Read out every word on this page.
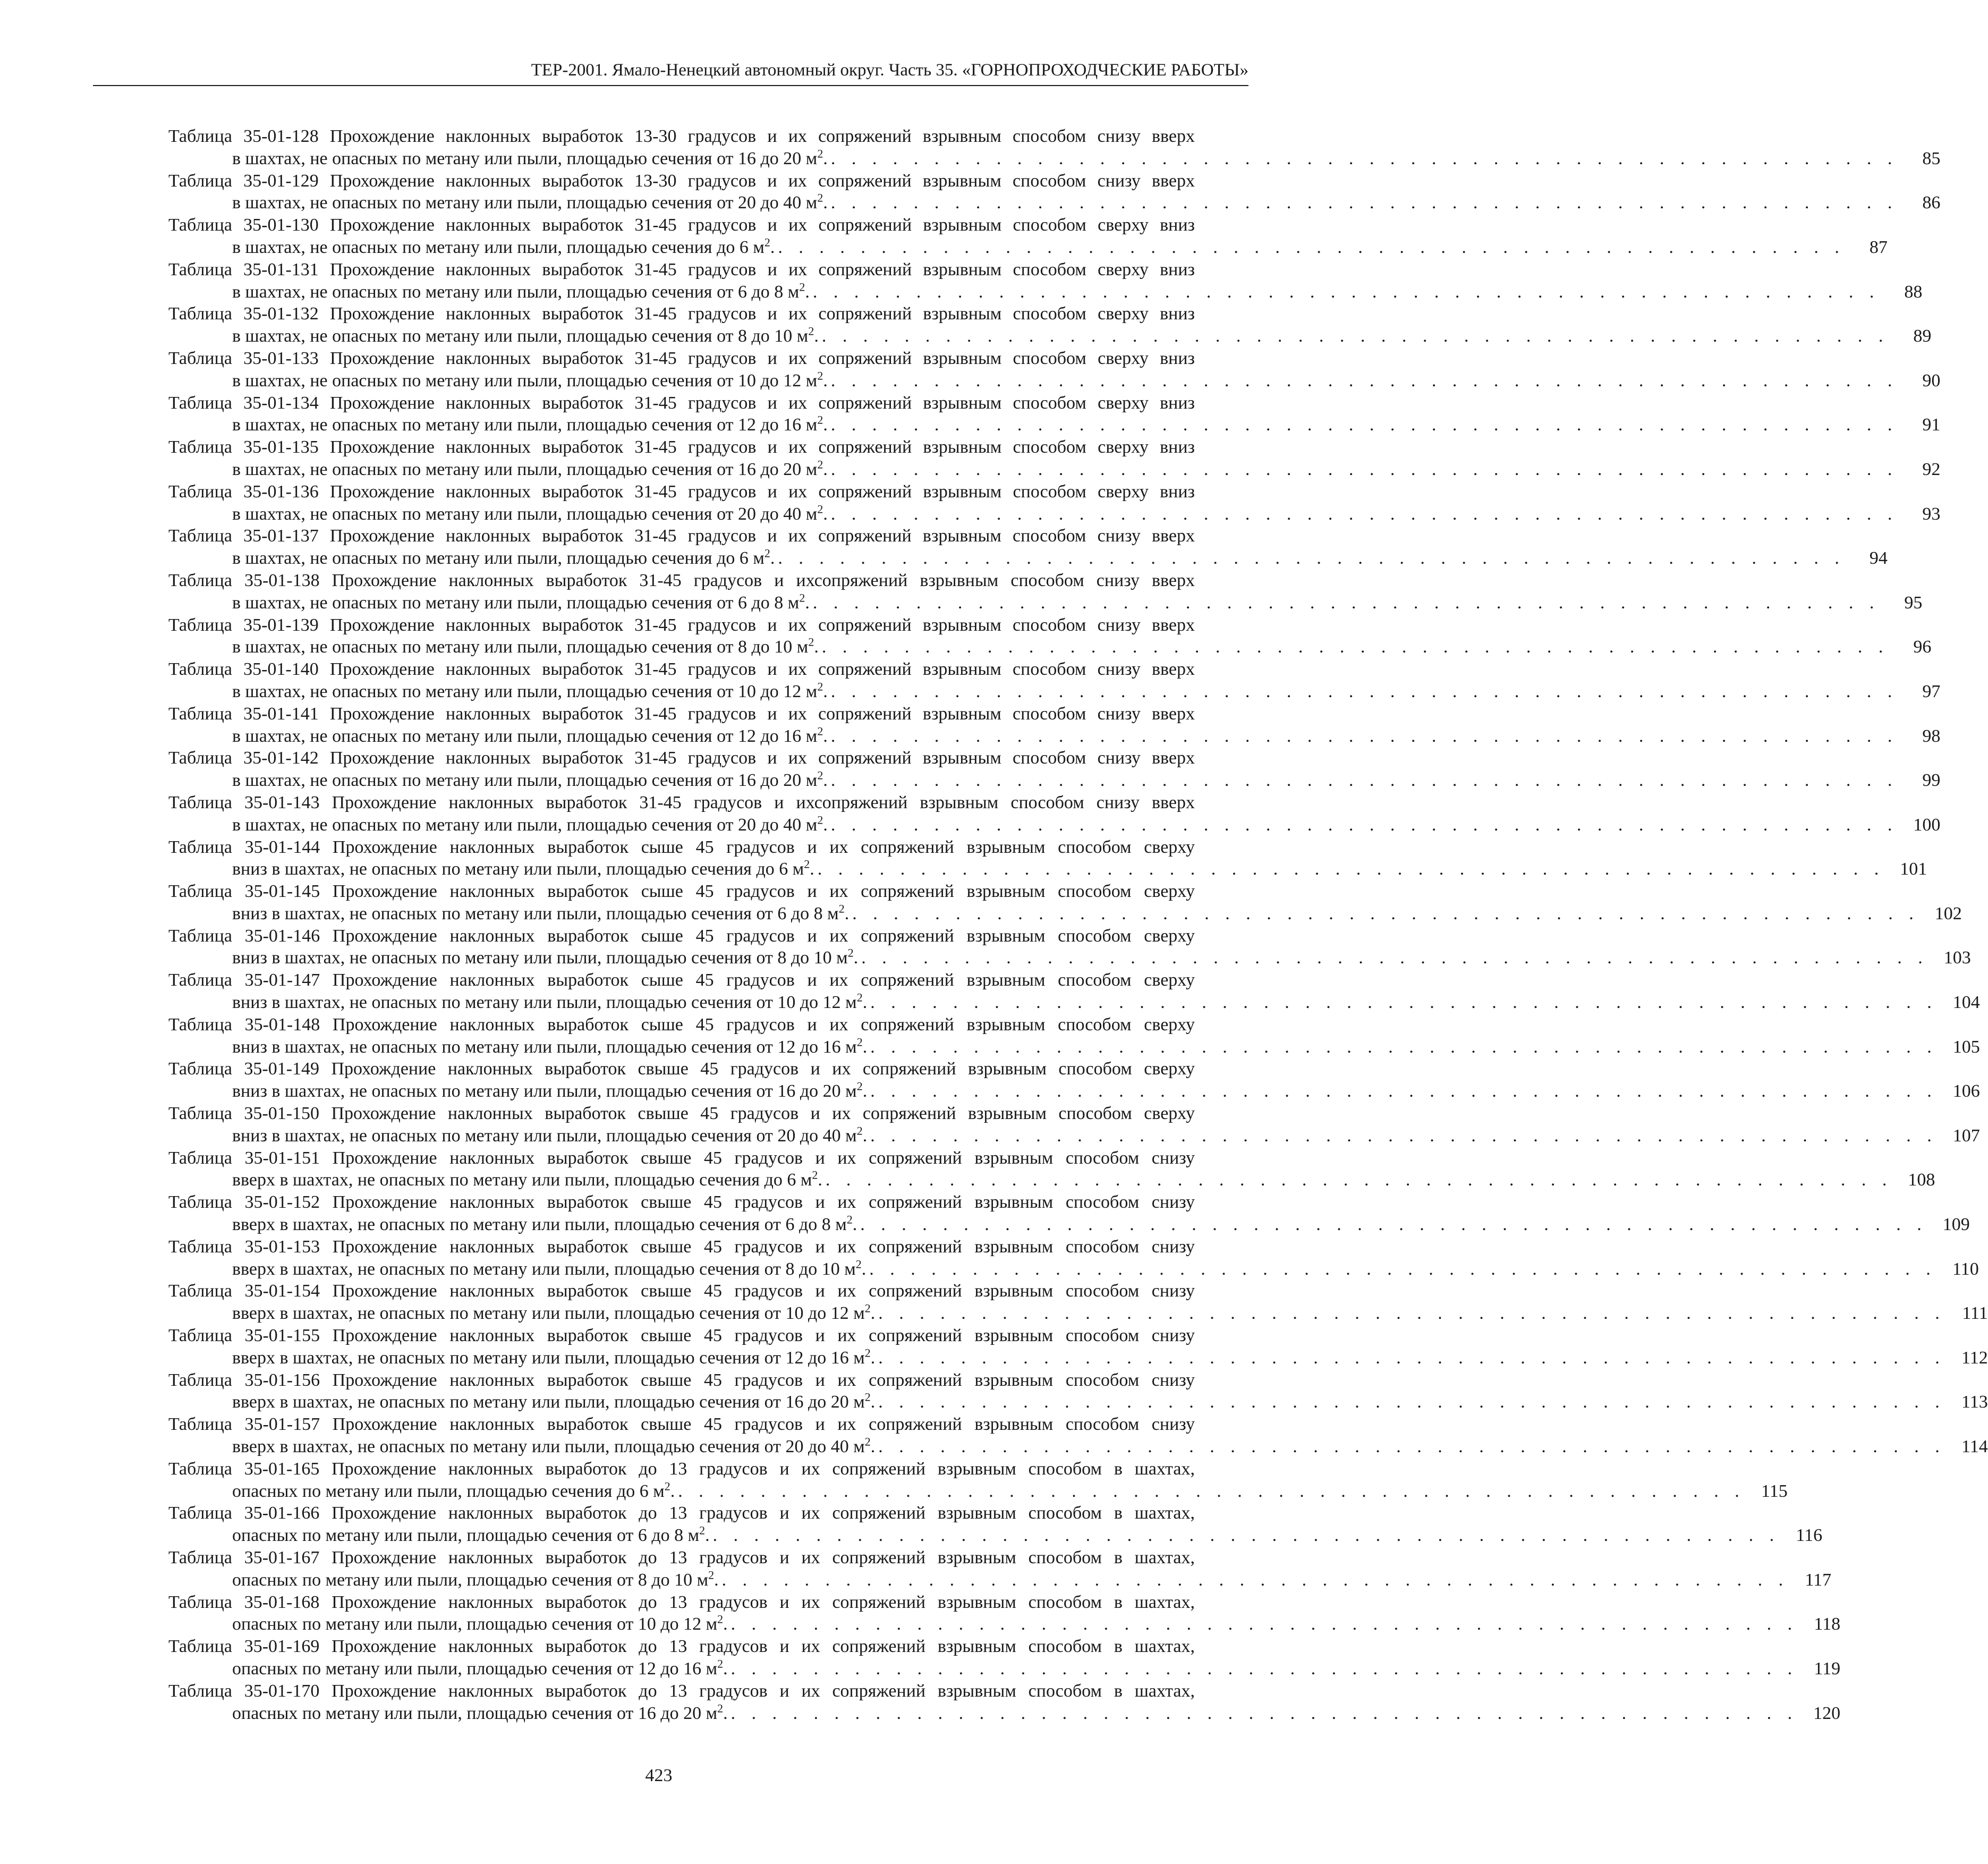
ТЕР-2001. Ямало-Ненецкий автономный округ. Часть 35. «ГОРНОПРОХОДЧЕСКИЕ РАБОТЫ»
Таблица 35-01-128 Прохождение наклонных выработок 13-30 градусов и их сопряжений взрывным способом снизу вверх
в шахтах, не опасных по метану или пыли, площадью сечения от 16 до 20 $м^2$. . . . . . . . . . . . . . . . . . . . . . . . . . . . . . . . . . . . . . . . . . . . . . . . . . . . .	85
Таблица 35-01-129 Прохождение наклонных выработок 13-30 градусов и их сопряжений взрывным способом снизу вверх
в шахтах, не опасных по метану или пыли, площадью сечения от 20 до 40 $м^2$. . . . . . . . . . . . . . . . . . . . . . . . . . . . . . . . . . . . . . . . . . . . . . . . . . . . .	86
Таблица 35-01-130 Прохождение наклонных выработок 31-45 градусов и их сопряжений взрывным способом сверху вниз
в шахтах, не опасных по метану или пыли, площадью сечения до 6 $м^2$. . . . . . . . . . . . . . . . . . . . . . . . . . . . . . . . . . . . . . . . . . . . . . . . . . . . .	87
Таблица 35-01-131 Прохождение наклонных выработок 31-45 градусов и их сопряжений взрывным способом сверху вниз
в шахтах, не опасных по метану или пыли, площадью сечения от 6 до 8 $м^2$. . . . . . . . . . . . . . . . . . . . . . . . . . . . . . . . . . . . . . . . . . . . . . . . . . . . .	88
Таблица 35-01-132 Прохождение наклонных выработок 31-45 градусов и их сопряжений взрывным способом сверху вниз
в шахтах, не опасных по метану или пыли, площадью сечения от 8 до 10 $м^2$. . . . . . . . . . . . . . . . . . . . . . . . . . . . . . . . . . . . . . . . . . . . . . . . . . . . .	89
Таблица 35-01-133 Прохождение наклонных выработок 31-45 градусов и их сопряжений взрывным способом сверху вниз
в шахтах, не опасных по метану или пыли, площадью сечения от 10 до 12 $м^2$. . . . . . . . . . . . . . . . . . . . . . . . . . . . . . . . . . . . . . . . . . . . . . . . . . . . .	90
Таблица 35-01-134 Прохождение наклонных выработок 31-45 градусов и их сопряжений взрывным способом сверху вниз
в шахтах, не опасных по метану или пыли, площадью сечения от 12 до 16 $м^2$. . . . . . . . . . . . . . . . . . . . . . . . . . . . . . . . . . . . . . . . . . . . . . . . . . . . .	91
Таблица 35-01-135 Прохождение наклонных выработок 31-45 градусов и их сопряжений взрывным способом сверху вниз
в шахтах, не опасных по метану или пыли, площадью сечения от 16 до 20 $м^2$. . . . . . . . . . . . . . . . . . . . . . . . . . . . . . . . . . . . . . . . . . . . . . . . . . . . .	92
Таблица 35-01-136 Прохождение наклонных выработок 31-45 градусов и их сопряжений взрывным способом сверху вниз
в шахтах, не опасных по метану или пыли, площадью сечения от 20 до 40 $м^2$. . . . . . . . . . . . . . . . . . . . . . . . . . . . . . . . . . . . . . . . . . . . . . . . . . . . .	93
Таблица 35-01-137 Прохождение наклонных выработок 31-45 градусов и их сопряжений взрывным способом снизу вверх
в шахтах, не опасных по метану или пыли, площадью сечения до 6 $м^2$. . . . . . . . . . . . . . . . . . . . . . . . . . . . . . . . . . . . . . . . . . . . . . . . . . . . .	94
Таблица 35-01-138 Прохождение наклонных выработок 31-45 градусов и ихсопряжений взрывным способом снизу вверх
в шахтах, не опасных по метану или пыли, площадью сечения от 6 до 8 $м^2$. . . . . . . . . . . . . . . . . . . . . . . . . . . . . . . . . . . . . . . . . . . . . . . . . . . . .	95
Таблица 35-01-139 Прохождение наклонных выработок 31-45 градусов и их сопряжений взрывным способом снизу вверх
в шахтах, не опасных по метану или пыли, площадью сечения от 8 до 10 $м^2$. . . . . . . . . . . . . . . . . . . . . . . . . . . . . . . . . . . . . . . . . . . . . . . . . . . . .	96
Таблица 35-01-140 Прохождение наклонных выработок 31-45 градусов и их сопряжений взрывным способом снизу вверх
в шахтах, не опасных по метану или пыли, площадью сечения от 10 до 12 $м^2$. . . . . . . . . . . . . . . . . . . . . . . . . . . . . . . . . . . . . . . . . . . . . . . . . . . . .	97
Таблица 35-01-141 Прохождение наклонных выработок 31-45 градусов и их сопряжений взрывным способом снизу вверх
в шахтах, не опасных по метану или пыли, площадью сечения от 12 до 16 $м^2$. . . . . . . . . . . . . . . . . . . . . . . . . . . . . . . . . . . . . . . . . . . . . . . . . . . . .	98
Таблица 35-01-142 Прохождение наклонных выработок 31-45 градусов и их сопряжений взрывным способом снизу вверх
в шахтах, не опасных по метану или пыли, площадью сечения от 16 до 20 $м^2$. . . . . . . . . . . . . . . . . . . . . . . . . . . . . . . . . . . . . . . . . . . . . . . . . . . . .	99
Таблица 35-01-143 Прохождение наклонных выработок 31-45 градусов и ихсопряжений взрывным способом снизу вверх
в шахтах, не опасных по метану или пыли, площадью сечения от 20 до 40 $м^2$. . . . . . . . . . . . . . . . . . . . . . . . . . . . . . . . . . . . . . . . . . . . . . . . . . . . . 100
Таблица 35-01-144 Прохождение наклонных выработок сыше 45 градусов и их сопряжений взрывным способом сверху
вниз в шахтах, не опасных по метану или пыли, площадью сечения до 6 $м^2$. . . . . . . . . . . . . . . . . . . . . . . . . . . . . . . . . . . . . . . . . . . . . . . . . . . . . 101
Таблица 35-01-145 Прохождение наклонных выработок сыше 45 градусов и их сопряжений взрывным способом сверху
вниз в шахтах, не опасных по метану или пыли, площадью сечения от 6 до 8 $м^2$. . . . . . . . . . . . . . . . . . . . . . . . . . . . . . . . . . . . . . . . . . . . . . . . . . . . . 102
Таблица 35-01-146 Прохождение наклонных выработок сыше 45 градусов и их сопряжений взрывным способом сверху
вниз в шахтах, не опасных по метану или пыли, площадью сечения от 8 до 10 $м^2$. . . . . . . . . . . . . . . . . . . . . . . . . . . . . . . . . . . . . . . . . . . . . . . . . . . . . 103
Таблица 35-01-147 Прохождение наклонных выработок сыше 45 градусов и их сопряжений взрывным способом сверху
вниз в шахтах, не опасных по метану или пыли, площадью сечения от 10 до 12 $м^2$. . . . . . . . . . . . . . . . . . . . . . . . . . . . . . . . . . . . . . . . . . . . . . . . . . . . . 104
Таблица 35-01-148 Прохождение наклонных выработок сыше 45 градусов и их сопряжений взрывным способом сверху
вниз в шахтах, не опасных по метану или пыли, площадью сечения от 12 до 16 $м^2$. . . . . . . . . . . . . . . . . . . . . . . . . . . . . . . . . . . . . . . . . . . . . . . . . . . . . 105
Таблица 35-01-149 Прохождение наклонных выработок свыше 45 градусов и их сопряжений взрывным способом сверху
вниз в шахтах, не опасных по метану или пыли, площадью сечения от 16 до 20 $м^2$. . . . . . . . . . . . . . . . . . . . . . . . . . . . . . . . . . . . . . . . . . . . . . . . . . . . . 106
Таблица 35-01-150 Прохождение наклонных выработок свыше 45 градусов и их сопряжений взрывным способом сверху
вниз в шахтах, не опасных по метану или пыли, площадью сечения от 20 до 40 $м^2$. . . . . . . . . . . . . . . . . . . . . . . . . . . . . . . . . . . . . . . . . . . . . . . . . . . . . 107
Таблица 35-01-151 Прохождение наклонных выработок свыше 45 градусов и их сопряжений взрывным способом снизу
вверх в шахтах, не опасных по метану или пыли, площадью сечения до 6 $м^2$. . . . . . . . . . . . . . . . . . . . . . . . . . . . . . . . . . . . . . . . . . . . . . . . . . . . . 108
Таблица 35-01-152 Прохождение наклонных выработок свыше 45 градусов и их сопряжений взрывным способом снизу
вверх в шахтах, не опасных по метану или пыли, площадью сечения от 6 до 8 $м^2$. . . . . . . . . . . . . . . . . . . . . . . . . . . . . . . . . . . . . . . . . . . . . . . . . . . . . 109
Таблица 35-01-153 Прохождение наклонных выработок свыше 45 градусов и их сопряжений взрывным способом снизу
вверх в шахтах, не опасных по метану или пыли, площадью сечения от 8 до 10 $м^2$. . . . . . . . . . . . . . . . . . . . . . . . . . . . . . . . . . . . . . . . . . . . . . . . . . . . . 110
Таблица 35-01-154 Прохождение наклонных выработок свыше 45 градусов и их сопряжений взрывным способом снизу
вверх в шахтах, не опасных по метану или пыли, площадью сечения от 10 до 12 $м^2$. . . . . . . . . . . . . . . . . . . . . . . . . . . . . . . . . . . . . . . . . . . . . . . . . . . . . 111
Таблица 35-01-155 Прохождение наклонных выработок свыше 45 градусов и их сопряжений взрывным способом снизу
вверх в шахтах, не опасных по метану или пыли, площадью сечения от 12 до 16 $м^2$. . . . . . . . . . . . . . . . . . . . . . . . . . . . . . . . . . . . . . . . . . . . . . . . . . . . . 112
Таблица 35-01-156 Прохождение наклонных выработок свыше 45 градусов и их сопряжений взрывным способом снизу
вверх в шахтах, не опасных по метану или пыли, площадью сечения от 16 до 20 $м^2$. . . . . . . . . . . . . . . . . . . . . . . . . . . . . . . . . . . . . . . . . . . . . . . . . . . . . 113
Таблица 35-01-157 Прохождение наклонных выработок свыше 45 градусов и их сопряжений взрывным способом снизу
вверх в шахтах, не опасных по метану или пыли, площадью сечения от 20 до 40 $м^2$. . . . . . . . . . . . . . . . . . . . . . . . . . . . . . . . . . . . . . . . . . . . . . . . . . . . . 114
Таблица 35-01-165 Прохождение наклонных выработок до 13 градусов и их сопряжений взрывным способом в шахтах,
опасных по метану или пыли, площадью сечения до 6 $м^2$. . . . . . . . . . . . . . . . . . . . . . . . . . . . . . . . . . . . . . . . . . . . . . . . . . . . . 115
Таблица 35-01-166 Прохождение наклонных выработок до 13 градусов и их сопряжений взрывным способом в шахтах,
опасных по метану или пыли, площадью сечения от 6 до 8 $м^2$. . . . . . . . . . . . . . . . . . . . . . . . . . . . . . . . . . . . . . . . . . . . . . . . . . . . . 116
Таблица 35-01-167 Прохождение наклонных выработок до 13 градусов и их сопряжений взрывным способом в шахтах,
опасных по метану или пыли, площадью сечения от 8 до 10 $м^2$. . . . . . . . . . . . . . . . . . . . . . . . . . . . . . . . . . . . . . . . . . . . . . . . . . . . . 117
Таблица 35-01-168 Прохождение наклонных выработок до 13 градусов и их сопряжений взрывным способом в шахтах,
опасных по метану или пыли, площадью сечения от 10 до 12 $м^2$. . . . . . . . . . . . . . . . . . . . . . . . . . . . . . . . . . . . . . . . . . . . . . . . . . . . . 118
Таблица 35-01-169 Прохождение наклонных выработок до 13 градусов и их сопряжений взрывным способом в шахтах,
опасных по метану или пыли, площадью сечения от 12 до 16 $м^2$. . . . . . . . . . . . . . . . . . . . . . . . . . . . . . . . . . . . . . . . . . . . . . . . . . . . . 119
Таблица 35-01-170 Прохождение наклонных выработок до 13 градусов и их сопряжений взрывным способом в шахтах,
опасных по метану или пыли, площадью сечения от 16 до 20 $м^2$. . . . . . . . . . . . . . . . . . . . . . . . . . . . . . . . . . . . . . . . . . . . . . . . . . . . . 120
423
